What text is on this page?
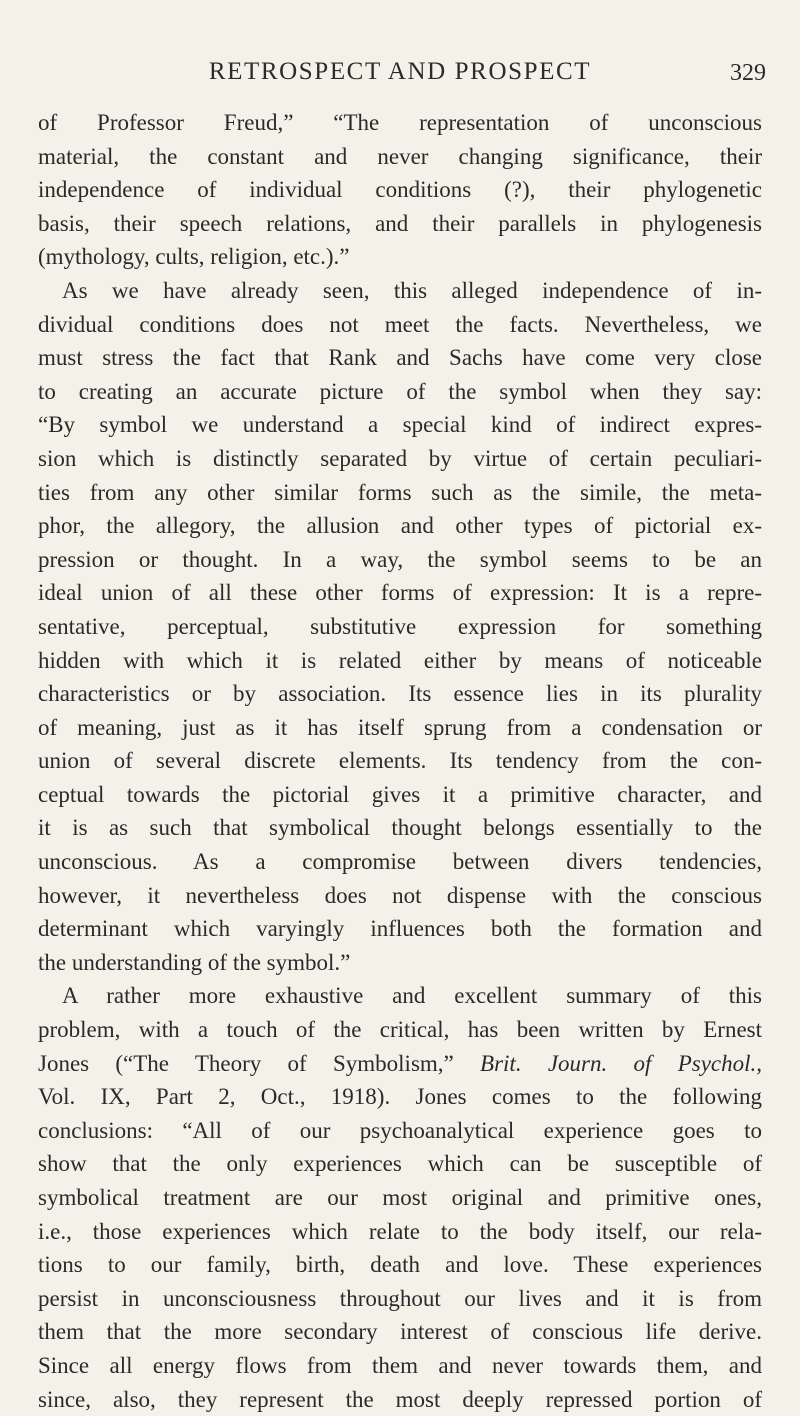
RETROSPECT AND PROSPECT	329
of Professor Freud,” “The representation of unconscious
material, the constant and never changing significance, their
independence of individual conditions (?), their phylogenetic
basis, their speech relations, and their parallels in phylogenesis
(mythology, cults, religion, etc.).”
As we have already seen, this alleged independence of in-
dividual conditions does not meet the facts. Nevertheless, we
must stress the fact that Rank and Sachs have come very close
to creating an accurate picture of the symbol when they say:
“By symbol we understand a special kind of indirect expres-
sion which is distinctly separated by virtue of certain peculiari-
ties from any other similar forms such as the simile, the meta-
phor, the allegory, the allusion and other types of pictorial ex-
pression or thought. In a way, the symbol seems to be an
ideal union of all these other forms of expression: It is a repre-
sentative, perceptual, substitutive expression for something
hidden with which it is related either by means of noticeable
characteristics or by association. Its essence lies in its plurality
of meaning, just as it has itself sprung from a condensation or
union of several discrete elements. Its tendency from the con-
ceptual towards the pictorial gives it a primitive character, and
it is as such that symbolical thought belongs essentially to the
unconscious. As a compromise between divers tendencies,
however, it nevertheless does not dispense with the conscious
determinant which varyingly influences both the formation and
the understanding of the symbol.”
A rather more exhaustive and excellent summary of this
problem, with a touch of the critical, has been written by Ernest
Jones (“The Theory of Symbolism,” Brit. Journ. of Psychol.,
Vol. IX, Part 2, Oct., 1918). Jones comes to the following
conclusions: “All of our psychoanalytical experience goes to
show that the only experiences which can be susceptible of
symbolical treatment are our most original and primitive ones,
i.e., those experiences which relate to the body itself, our rela-
tions to our family, birth, death and love. These experiences
persist in unconsciousness throughout our lives and it is from
them that the more secondary interest of conscious life derive.
Since all energy flows from them and never towards them, and
since, also, they represent the most deeply repressed portion of
